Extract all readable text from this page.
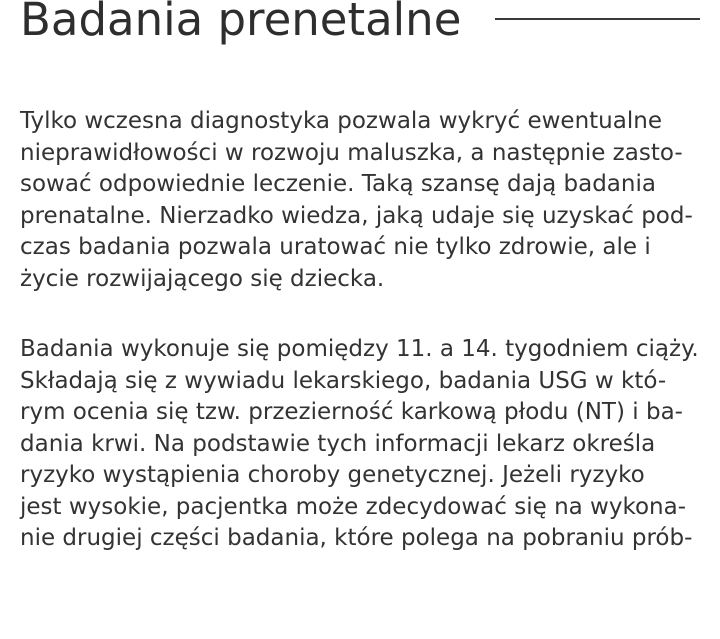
Badania prenetalne

Tylko wczesna diagnostyka pozwala wykryć ewentualne
nieprawidłowości w rozwoju maluszka, a następnie zasto-
sować odpowiednie leczenie. Taką szansę dają badania
prenatalne. Nierzadko wiedza, jaką udaje się uzyskać pod-
czas badania pozwala uratować nie tylko zdrowie, ale i
życie rozwijającego się dziecka.

Badania wykonuje się pomiędzy 11. a 14. tygodniem ciąży.
Składają się z wywiadu lekarskiego, badania USG w któ-
rym ocenia się tzw. przezierność karkową płodu (NT) i ba-
dania krwi. Na podstawie tych informacji lekarz określa
ryzyko wystąpienia choroby genetycznej. Jeżeli ryzyko
jest wysokie, pacjentka może zdecydować się na wykona-
nie drugiej części badania, które polega na pobraniu prób-
